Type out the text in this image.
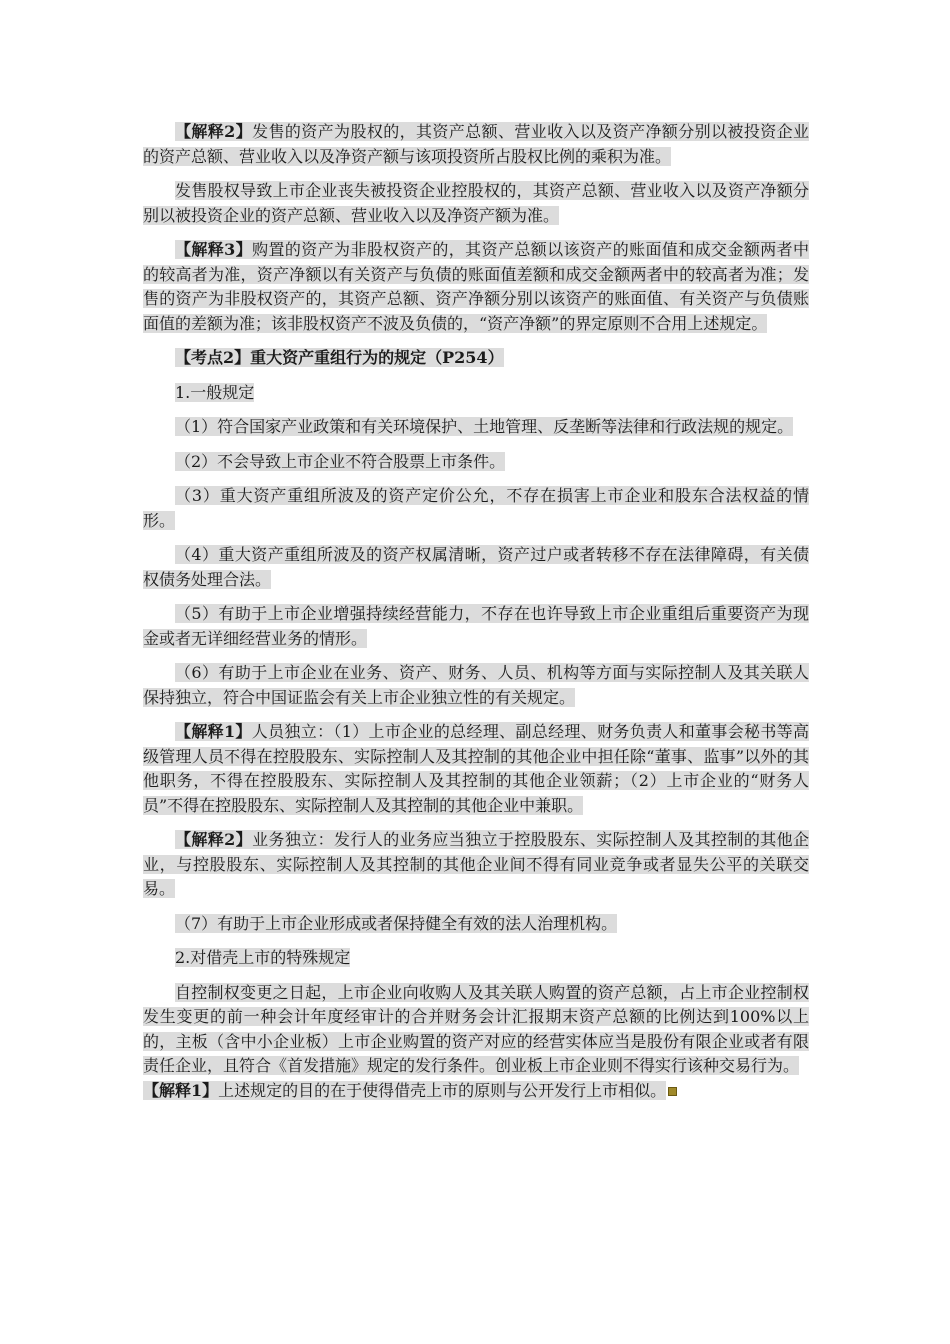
【解释2】发售的资产为股权的，其资产总额、营业收入以及资产净额分别以被投资企业的资产总额、营业收入以及净资产额与该项投资所占股权比例的乘积为准。

发售股权导致上市企业丧失被投资企业控股权的，其资产总额、营业收入以及资产净额分别以被投资企业的资产总额、营业收入以及净资产额为准。

【解释3】购置的资产为非股权资产的，其资产总额以该资产的账面值和成交金额两者中的较高者为准，资产净额以有关资产与负债的账面值差额和成交金额两者中的较高者为准；发售的资产为非股权资产的，其资产总额、资产净额分别以该资产的账面值、有关资产与负债账面值的差额为准；该非股权资产不波及负债的，“资产净额”的界定原则不合用上述规定。

【考点2】重大资产重组行为的规定（P254）

1.一般规定

（1）符合国家产业政策和有关环境保护、土地管理、反垄断等法律和行政法规的规定。

（2）不会导致上市企业不符合股票上市条件。

（3）重大资产重组所波及的资产定价公允，不存在损害上市企业和股东合法权益的情形。

（4）重大资产重组所波及的资产权属清晰，资产过户或者转移不存在法律障碍，有关债权债务处理合法。

（5）有助于上市企业增强持续经营能力，不存在也许导致上市企业重组后重要资产为现金或者无详细经营业务的情形。

（6）有助于上市企业在业务、资产、财务、人员、机构等方面与实际控制人及其关联人保持独立，符合中国证监会有关上市企业独立性的有关规定。

【解释1】人员独立：（1）上市企业的总经理、副总经理、财务负责人和董事会秘书等高级管理人员不得在控股股东、实际控制人及其控制的其他企业中担任除“董事、监事”以外的其他职务，不得在控股股东、实际控制人及其控制的其他企业领薪；（2）上市企业的“财务人员”不得在控股股东、实际控制人及其控制的其他企业中兼职。

【解释2】业务独立：发行人的业务应当独立于控股股东、实际控制人及其控制的其他企业，与控股股东、实际控制人及其控制的其他企业间不得有同业竞争或者显失公平的关联交易。

（7）有助于上市企业形成或者保持健全有效的法人治理机构。

2.对借壳上市的特殊规定

自控制权变更之日起，上市企业向收购人及其关联人购置的资产总额，占上市企业控制权发生变更的前一种会计年度经审计的合并财务会计汇报期末资产总额的比例达到100%以上的，主板（含中小企业板）上市企业购置的资产对应的经营实体应当是股份有限企业或者有限责任企业，且符合《首发措施》规定的发行条件。创业板上市企业则不得实行该种交易行为。

【解释1】上述规定的目的在于使得借壳上市的原则与公开发行上市相似。
